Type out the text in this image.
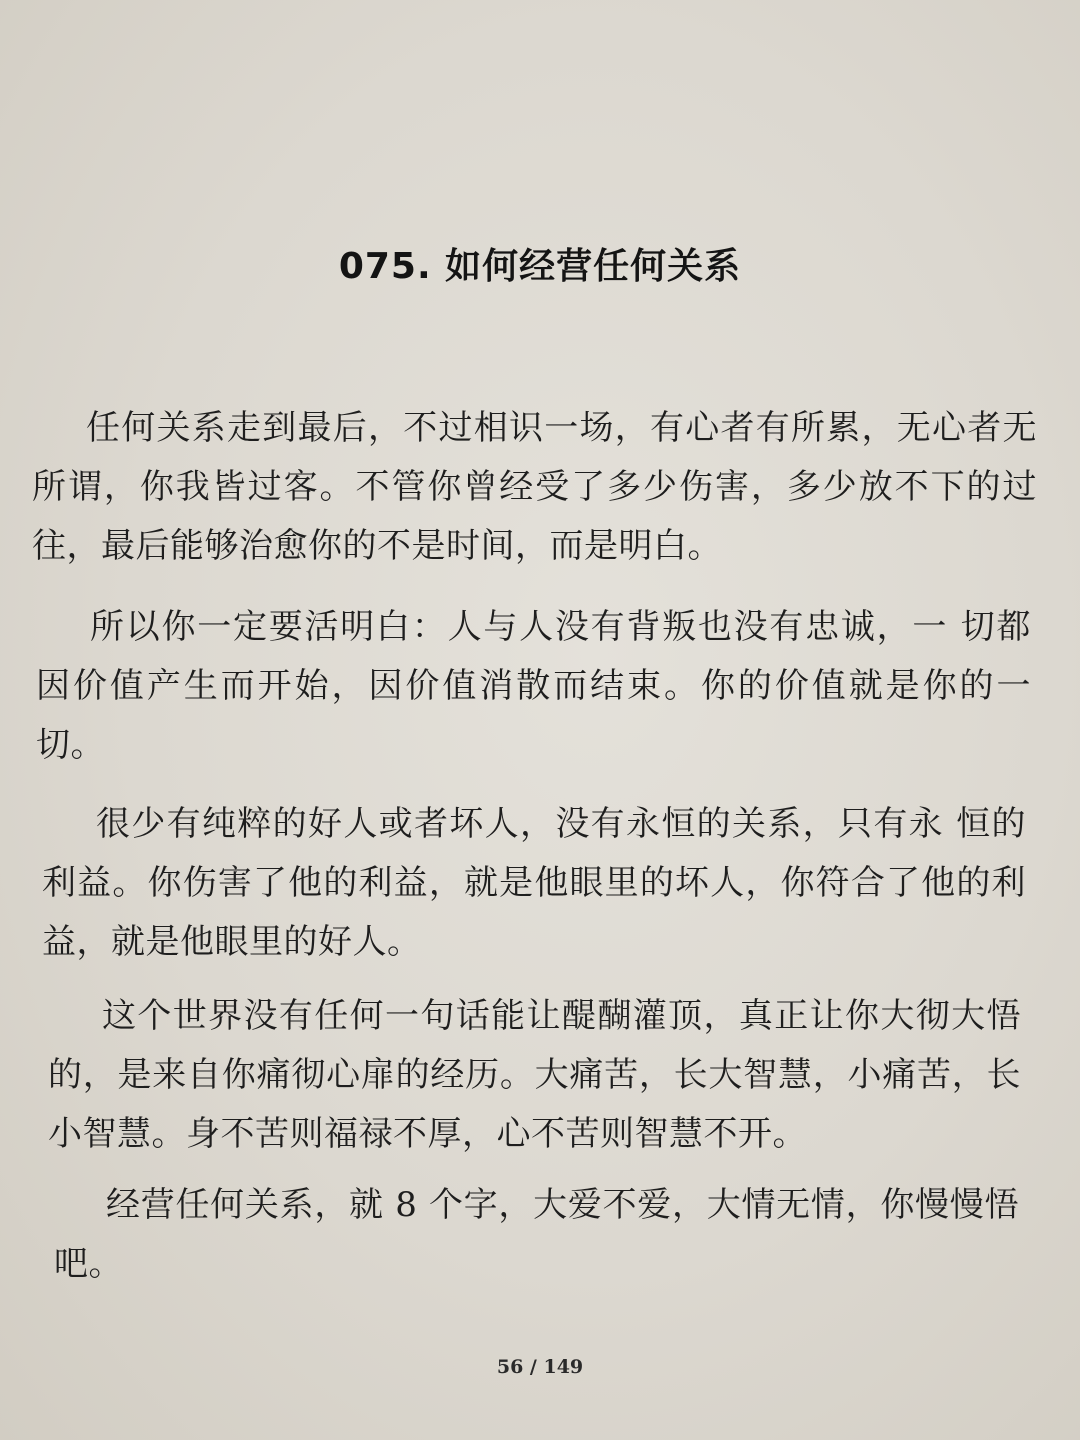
075. 如何经营任何关系

任何关系走到最后，不过相识一场，有心者有所累，无心者无所谓，你我皆过客。不管你曾经受了多少伤害，多少放不下的过往，最后能够治愈你的不是时间，而是明白。

所以你一定要活明白：人与人没有背叛也没有忠诚，一 切都因价值产生而开始，因价值消散而结束。你的价值就是你的一切。

很少有纯粹的好人或者坏人，没有永恒的关系，只有永 恒的利益。你伤害了他的利益，就是他眼里的坏人，你符合了他的利益，就是他眼里的好人。

这个世界没有任何一句话能让醍醐灌顶，真正让你大彻大悟的，是来自你痛彻心扉的经历。大痛苦，长大智慧，小痛苦，长小智慧。身不苦则福禄不厚，心不苦则智慧不开。

经营任何关系，就 8 个字，大爱不爱，大情无情，你慢慢悟吧。

56 / 149
